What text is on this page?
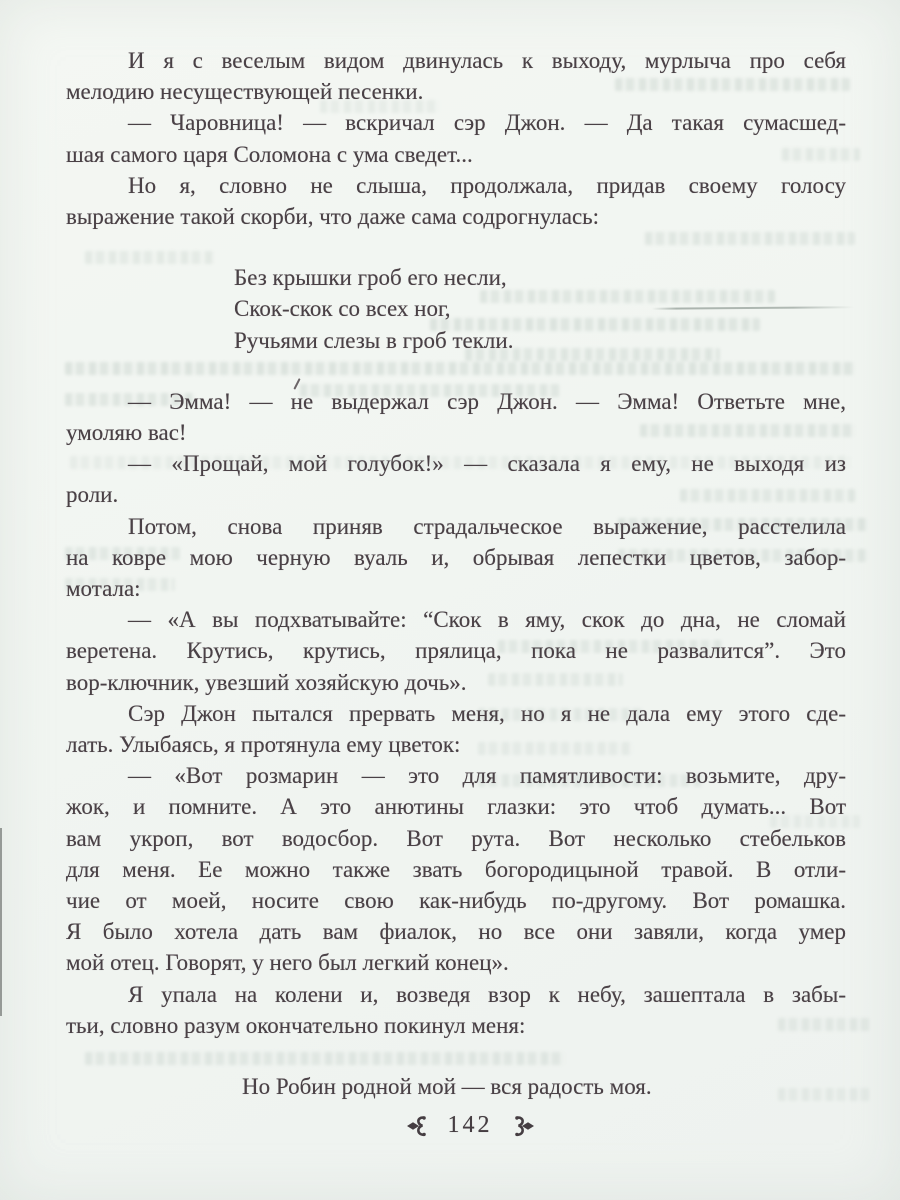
И я с веселым видом двинулась к выходу, мурлыча про себя
мелодию несуществующей песенки.
— Чаровница! — вскричал сэр Джон. — Да такая сумасшед-
шая самого царя Соломона с ума сведет...
Но я, словно не слыша, продолжала, придав своему голосу
выражение такой скорби, что даже сама содрогнулась:
Без крышки гроб его несли,
Скок-скок со всех ног,
Ручьями слезы в гроб текли.
— Эмма! — не выдержал сэр Джон. — Эмма! Ответьте мне,
умоляю вас!
— «Прощай, мой голубок!» — сказала я ему, не выходя из
роли.
Потом, снова приняв страдальческое выражение, расстелила
на ковре мою черную вуаль и, обрывая лепестки цветов, забор-
мотала:
— «А вы подхватывайте: “Скок в яму, скок до дна, не сломай
веретена. Крутись, крутись, прялица, пока не развалится”. Это
вор-ключник, увезший хозяйскую дочь».
Сэр Джон пытался прервать меня, но я не дала ему этого сде-
лать. Улыбаясь, я протянула ему цветок:
— «Вот розмарин — это для памятливости: возьмите, дру-
жок, и помните. А это анютины глазки: это чтоб думать... Вот
вам укроп, вот водосбор. Вот рута. Вот несколько стебельков
для меня. Ее можно также звать богородицыной травой. В отли-
чие от моей, носите свою как-нибудь по-другому. Вот ромашка.
Я было хотела дать вам фиалок, но все они завяли, когда умер
мой отец. Говорят, у него был легкий конец».
Я упала на колени и, возведя взор к небу, зашептала в забы-
тьи, словно разум окончательно покинул меня:
Но Робин родной мой — вся радость моя.
142
